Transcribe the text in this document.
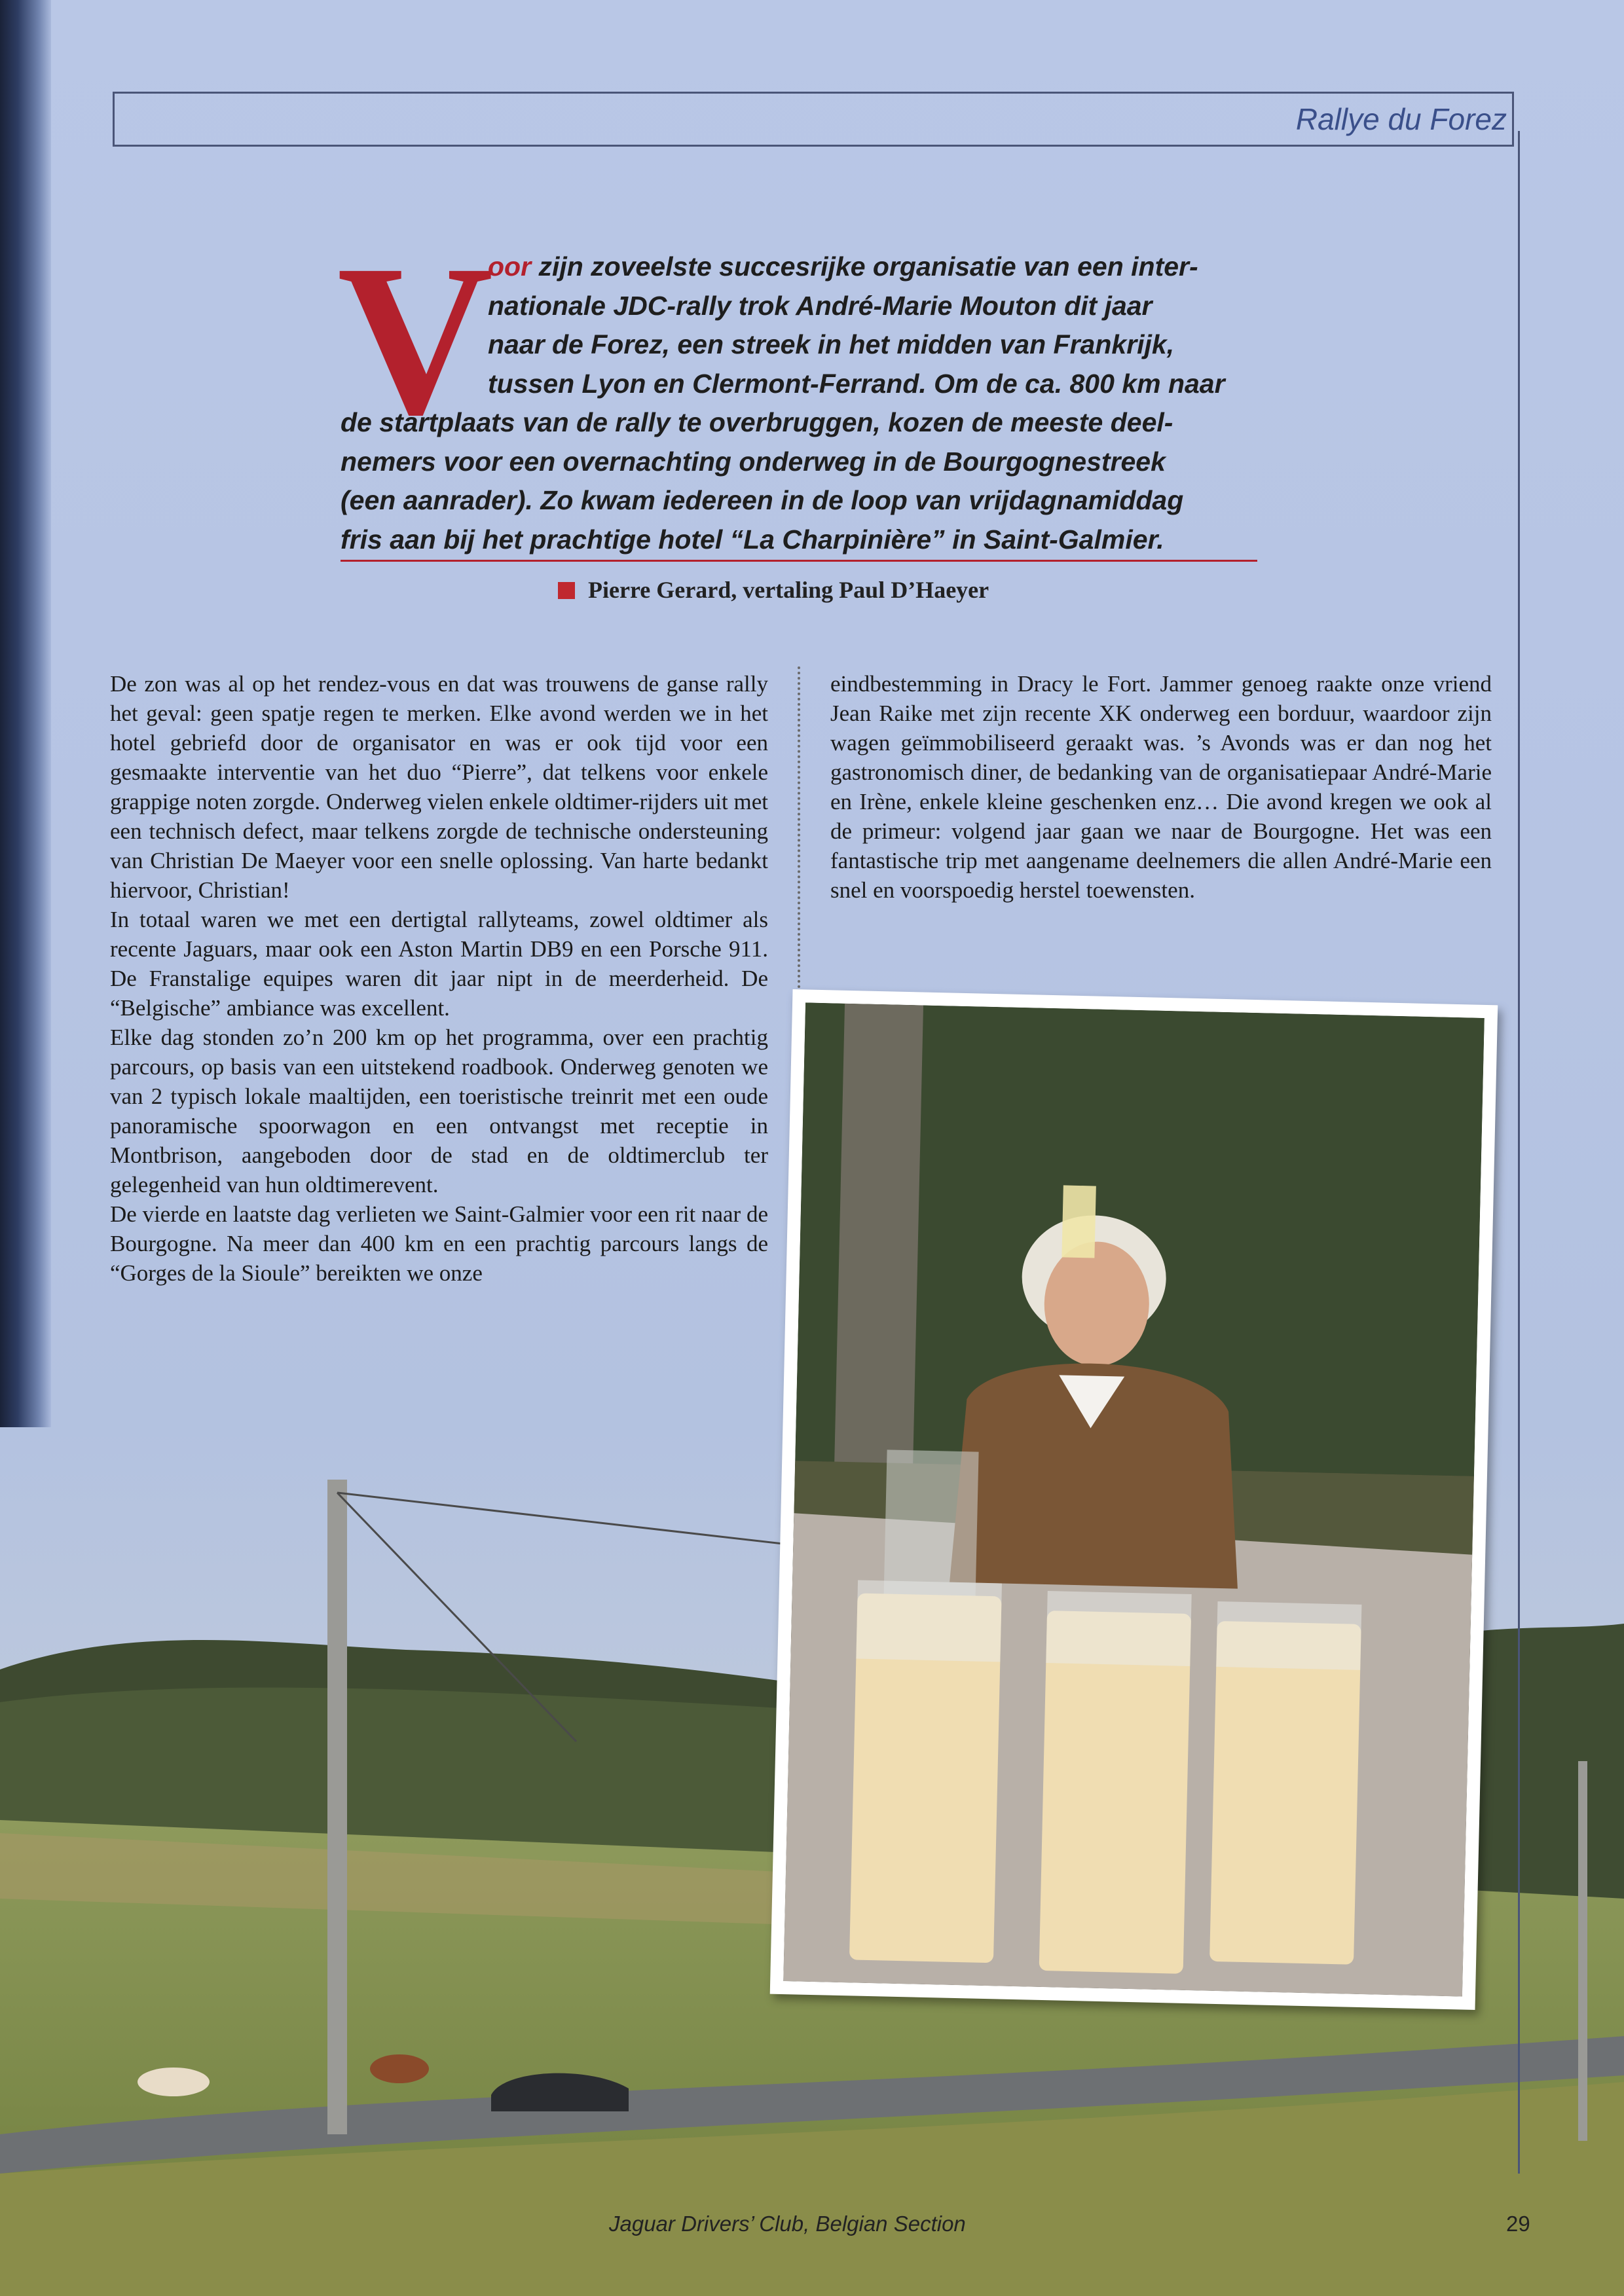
Rallye du Forez
V
oor zijn zoveelste succesrijke organisatie van een inter-
nationale JDC-rally trok André-Marie Mouton dit jaar
naar de Forez, een streek in het midden van Frankrijk,
tussen Lyon en Clermont-Ferrand. Om de ca. 800 km naar
de startplaats van de rally te overbruggen, kozen de meeste deel-
nemers voor een overnachting onderweg in de Bourgognestreek
(een aanrader). Zo kwam iedereen in de loop van vrijdagnamiddag
fris aan bij het prachtige hotel “La Charpinière” in Saint-Galmier.
Pierre Gerard, vertaling Paul D’Haeyer

De zon was al op het rendez-vous en dat was trouwens de ganse rally het geval: geen spatje regen te merken. Elke avond werden we in het hotel gebriefd door de organisator en was er ook tijd voor een gesmaakte interventie van het duo “Pierre”, dat telkens voor enkele grappige noten zorgde. Onderweg vielen enkele oldtimer-rijders uit met een technisch defect, maar telkens zorgde de technische ondersteuning van Christian De Maeyer voor een snelle oplossing. Van harte bedankt hiervoor, Christian!

In totaal waren we met een dertigtal rallyteams, zowel oldtimer als recente Jaguars, maar ook een Aston Martin DB9 en een Porsche 911. De Franstalige equipes waren dit jaar nipt in de meerderheid. De “Belgische” ambiance was excellent.

Elke dag stonden zo’n 200 km op het programma, over een prachtig parcours, op basis van een uitstekend roadbook. Onderweg genoten we van 2 typisch lokale maaltijden, een toeristische treinrit met een oude panoramische spoorwagon en een ontvangst met receptie in Montbrison, aangeboden door de stad en de oldtimerclub ter gelegenheid van hun oldtimerevent.

De vierde en laatste dag verlieten we Saint-Galmier voor een rit naar de Bourgogne. Na meer dan 400 km en een prachtig parcours langs de “Gorges de la Sioule” bereikten we onze

eindbestemming in Dracy le Fort. Jammer genoeg raakte onze vriend Jean Raike met zijn recente XK onderweg een borduur, waardoor zijn wagen geïmmobiliseerd geraakt was. ’s Avonds was er dan nog het gastronomisch diner, de bedanking van de organisatiepaar André-Marie en Irène, enkele kleine geschenken enz… Die avond kregen we ook al de primeur: volgend jaar gaan we naar de Bourgogne. Het was een fantastische trip met aangename deelnemers die allen André-Marie een snel en voorspoedig herstel toewensten.

Jaguar Drivers’ Club, Belgian Section	29
